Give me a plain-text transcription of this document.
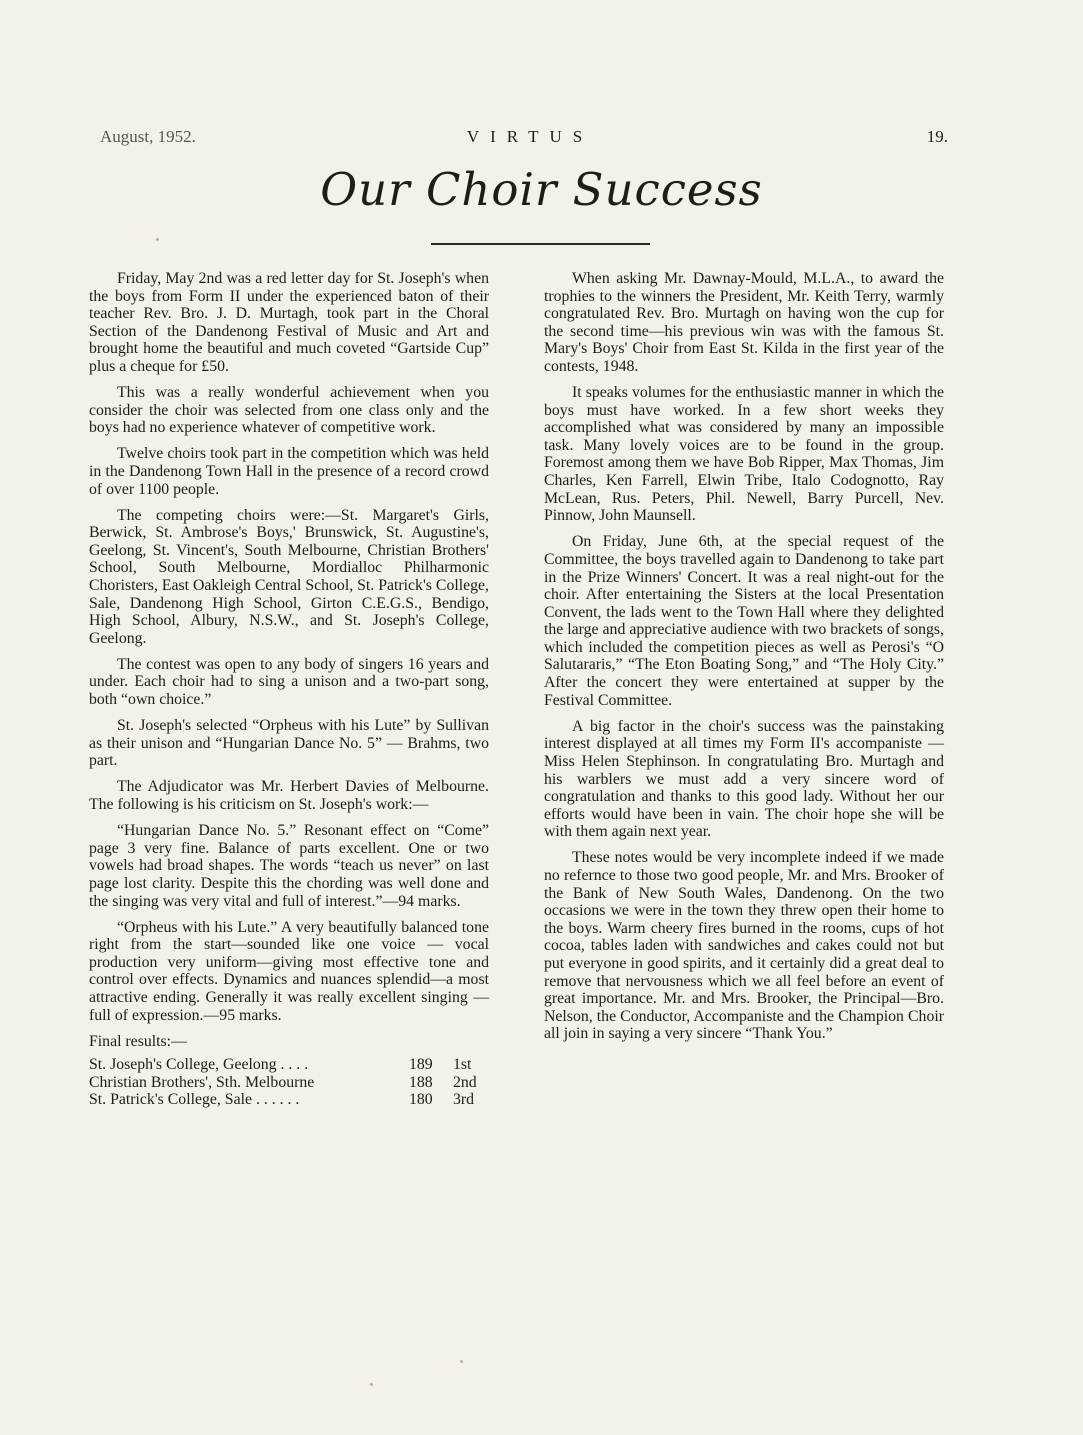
August, 1952.	VIRTUS	19.
Our Choir Success

Friday, May 2nd was a red letter day for St. Joseph's when the boys from Form II under the experienced baton of their teacher Rev. Bro. J. D. Murtagh, took part in the Choral Section of the Dandenong Festival of Music and Art and brought home the beautiful and much coveted “Gartside Cup” plus a cheque for £50.

This was a really wonderful achievement when you consider the choir was selected from one class only and the boys had no experience whatever of competitive work.

Twelve choirs took part in the competition which was held in the Dandenong Town Hall in the presence of a record crowd of over 1100 people.

The competing choirs were:—St. Margaret's Girls, Berwick, St. Ambrose's Boys,' Brunswick, St. Augustine's, Geelong, St. Vincent's, South Melbourne, Christian Brothers' School, South Melbourne, Mordialloc Philharmonic Choristers, East Oakleigh Central School, St. Patrick's College, Sale, Dandenong High School, Girton C.E.G.S., Bendigo, High School, Albury, N.S.W., and St. Joseph's College, Geelong.

The contest was open to any body of singers 16 years and under. Each choir had to sing a unison and a two-part song, both “own choice.”

St. Joseph's selected “Orpheus with his Lute” by Sullivan as their unison and “Hungarian Dance No. 5” — Brahms, two part.

The Adjudicator was Mr. Herbert Davies of Melbourne. The following is his criticism on St. Joseph's work:—

“Hungarian Dance No. 5.” Resonant effect on “Come” page 3 very fine. Balance of parts excellent. One or two vowels had broad shapes. The words “teach us never” on last page lost clarity. Despite this the chording was well done and the singing was very vital and full of interest.”—94 marks.

“Orpheus with his Lute.” A very beautifully balanced tone right from the start—sounded like one voice — vocal production very uniform—giving most effective tone and control over effects. Dynamics and nuances splendid—a most attractive ending. Generally it was really excellent singing — full of expression.—95 marks.

Final results:—

St. Joseph's College, Geelong . . . .	189	1st
Christian Brothers', Sth. Melbourne	188	2nd
St. Patrick's College, Sale . . . . . .	180	3rd

When asking Mr. Dawnay-Mould, M.L.A., to award the trophies to the winners the President, Mr. Keith Terry, warmly congratulated Rev. Bro. Murtagh on having won the cup for the second time—his previous win was with the famous St. Mary's Boys' Choir from East St. Kilda in the first year of the contests, 1948.

It speaks volumes for the enthusiastic manner in which the boys must have worked. In a few short weeks they accomplished what was considered by many an impossible task. Many lovely voices are to be found in the group. Foremost among them we have Bob Ripper, Max Thomas, Jim Charles, Ken Farrell, Elwin Tribe, Italo Codognotto, Ray McLean, Rus. Peters, Phil. Newell, Barry Purcell, Nev. Pinnow, John Maunsell.

On Friday, June 6th, at the special request of the Committee, the boys travelled again to Dandenong to take part in the Prize Winners' Concert. It was a real night-out for the choir. After entertaining the Sisters at the local Presentation Convent, the lads went to the Town Hall where they delighted the large and appreciative audience with two brackets of songs, which included the competition pieces as well as Perosi's “O Salutararis,” “The Eton Boating Song,” and “The Holy City.” After the concert they were entertained at supper by the Festival Committee.

A big factor in the choir's success was the painstaking interest displayed at all times my Form II's accompaniste — Miss Helen Stephinson. In congratulating Bro. Murtagh and his warblers we must add a very sincere word of congratulation and thanks to this good lady. Without her our efforts would have been in vain. The choir hope she will be with them again next year.

These notes would be very incomplete indeed if we made no refernce to those two good people, Mr. and Mrs. Brooker of the Bank of New South Wales, Dandenong. On the two occasions we were in the town they threw open their home to the boys. Warm cheery fires burned in the rooms, cups of hot cocoa, tables laden with sandwiches and cakes could not but put everyone in good spirits, and it certainly did a great deal to remove that nervousness which we all feel before an event of great importance. Mr. and Mrs. Brooker, the Principal—Bro. Nelson, the Conductor, Accompaniste and the Champion Choir all join in saying a very sincere “Thank You.”
